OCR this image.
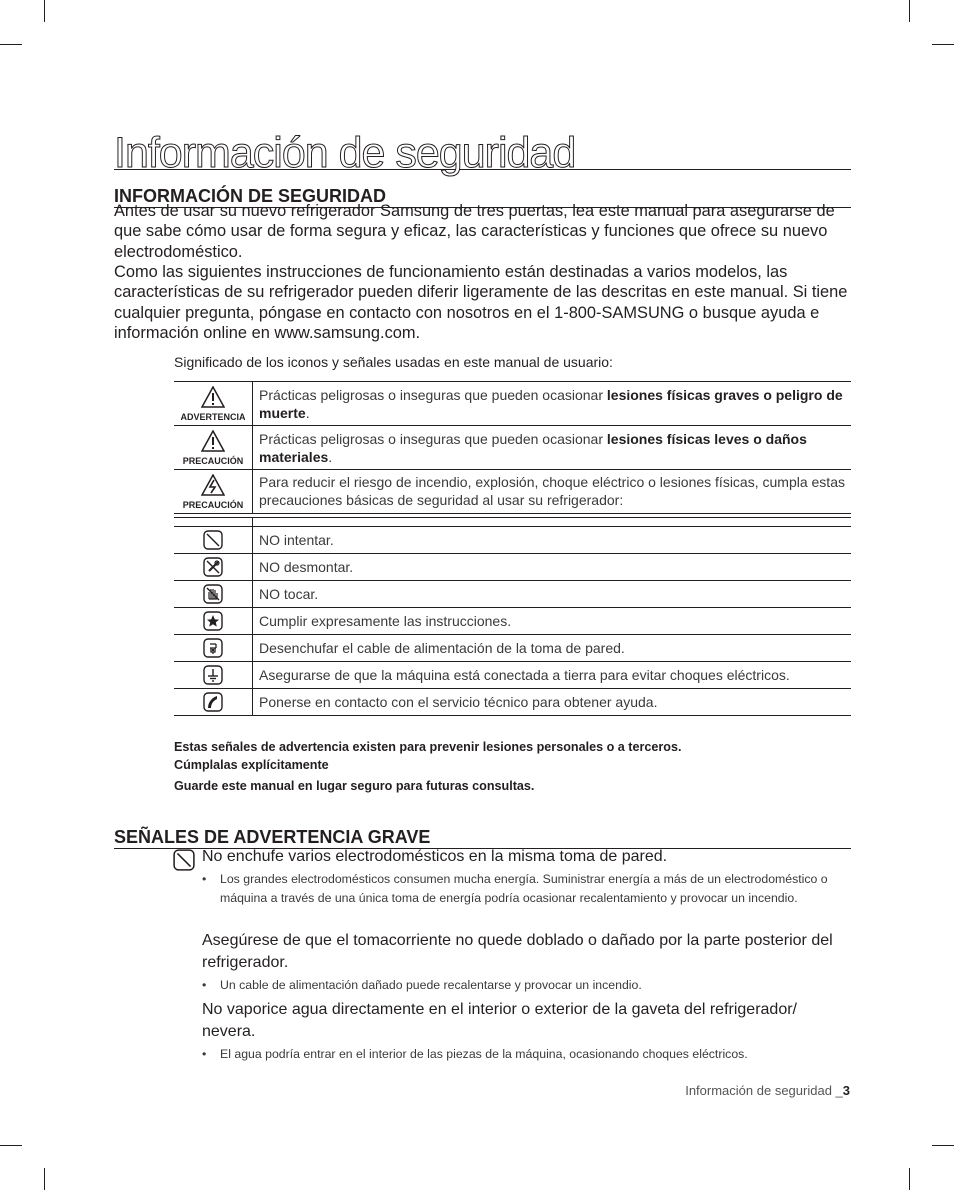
Información de seguridad
INFORMACIÓN DE SEGURIDAD

Antes de usar su nuevo refrigerador Samsung de tres puertas, lea este manual para asegurarse de que sabe cómo usar de forma segura y eficaz, las características y funciones que ofrece su nuevo electrodoméstico.

Como las siguientes instrucciones de funcionamiento están destinadas a varios modelos, las características de su refrigerador pueden diferir ligeramente de las descritas en este manual. Si tiene cualquier pregunta, póngase en contacto con nosotros en el 1-800-SAMSUNG o busque ayuda e información online en www.samsung.com.

Significado de los iconos y señales usadas en este manual de usuario:
ADVERTENCIA	Prácticas peligrosas o inseguras que pueden ocasionar lesiones físicas graves o peligro de muerte.

PRECAUCIÓN	Prácticas peligrosas o inseguras que pueden ocasionar lesiones físicas leves o daños materiales.

PRECAUCIÓN	Para reducir el riesgo de incendio, explosión, choque eléctrico o lesiones físicas, cumpla estas precauciones básicas de seguridad al usar su refrigerador:

	NO intentar.
	NO desmontar.
	NO tocar.
	Cumplir expresamente las instrucciones.
	Desenchufar el cable de alimentación de la toma de pared.
	Asegurarse de que la máquina está conectada a tierra para evitar choques eléctricos.
	Ponerse en contacto con el servicio técnico para obtener ayuda.

Estas señales de advertencia existen para prevenir lesiones personales o a terceros.

Cúmplalas explícitamente

Guarde este manual en lugar seguro para futuras consultas.

SEÑALES DE ADVERTENCIA GRAVE

No enchufe varios electrodomésticos en la misma toma de pared.

• Los grandes electrodomésticos consumen mucha energía. Suministrar energía a más de un electrodoméstico o máquina a través de una única toma de energía podría ocasionar recalentamiento y provocar un incendio.

Asegúrese de que el tomacorriente no quede doblado o dañado por la parte posterior del refrigerador.

• Un cable de alimentación dañado puede recalentarse y provocar un incendio.

No vaporice agua directamente en el interior o exterior de la gaveta del refrigerador/ nevera.

• El agua podría entrar en el interior de las piezas de la máquina, ocasionando choques eléctricos.
Información de seguridad _3
